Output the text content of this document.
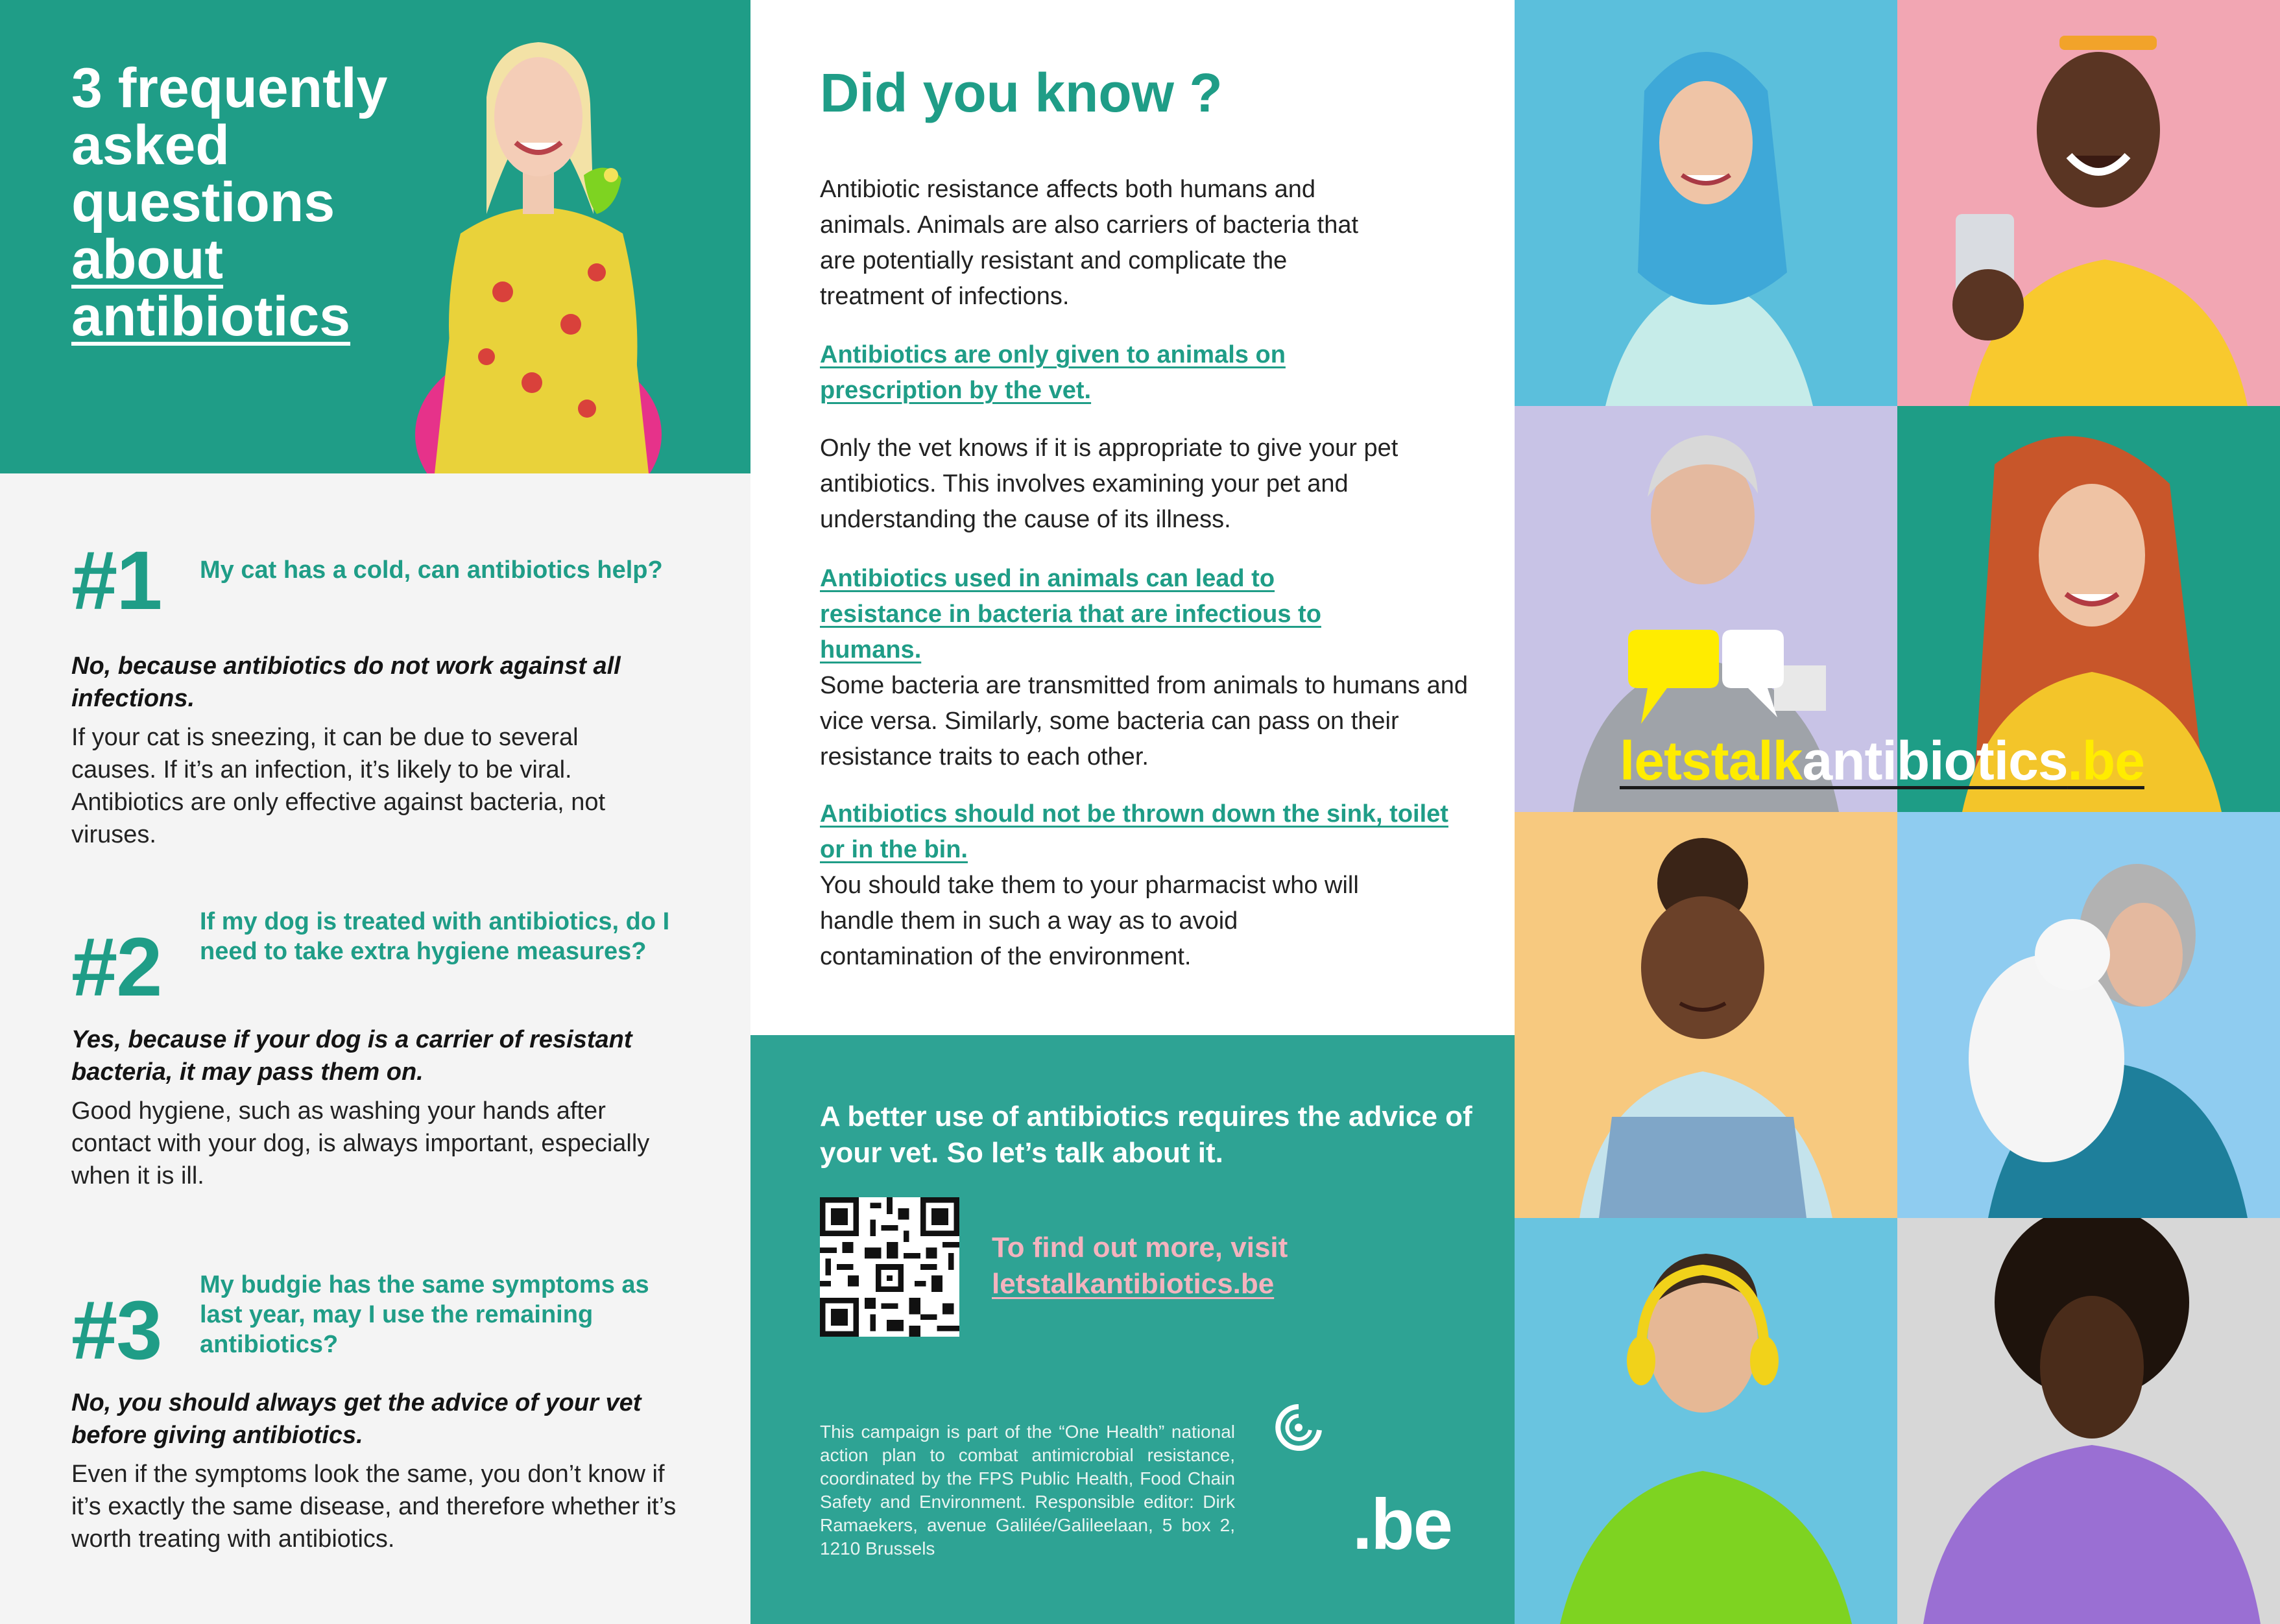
3 frequently
asked
questions
about
antibiotics
#1 My cat has a cold, can antibiotics help?
No, because antibiotics do not work against all infections.
If your cat is sneezing, it can be due to several causes. If it’s an infection, it’s likely to be viral. Antibiotics are only effective against bacteria, not viruses.
#2 If my dog is treated with antibiotics, do I need to take extra hygiene measures?
Yes, because if your dog is a carrier of resistant bacteria, it may pass them on.
Good hygiene, such as washing your hands after contact with your dog, is always important, especially when it is ill.
#3 My budgie has the same symptoms as last year, may I use the remaining antibiotics?
No, you should always get the advice of your vet before giving antibiotics.
Even if the symptoms look the same, you don’t know if it’s exactly the same disease, and therefore whether it’s worth treating with antibiotics.
Did you know ?
Antibiotic resistance affects both humans and animals. Animals are also carriers of bacteria that are potentially resistant and complicate the treatment of infections.
Antibiotics are only given to animals on prescription by the vet.
Only the vet knows if it is appropriate to give your pet antibiotics. This involves examining your pet and understanding the cause of its illness.
Antibiotics used in animals can lead to resistance in bacteria that are infectious to humans.
Some bacteria are transmitted from animals to humans and vice versa. Similarly, some bacteria can pass on their resistance traits to each other.
Antibiotics should not be thrown down the sink, toilet or in the bin.
You should take them to your pharmacist who will handle them in such a way as to avoid contamination of the environment.
A better use of antibiotics requires the advice of your vet. So let’s talk about it.
To find out more, visit
letstalkantibiotics.be
This campaign is part of the “One Health” national action plan to combat antimicrobial resistance, coordinated by the FPS Public Health, Food Chain Safety and Environment. Responsible editor: Dirk Ramaekers, avenue Galilée/Galileelaan, 5 box 2, 1210 Brussels	.be
letstalkantibiotics.be
